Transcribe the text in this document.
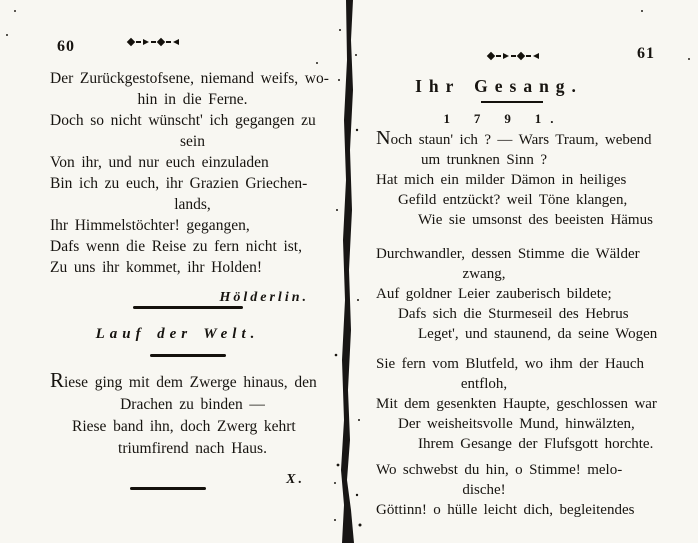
60
Der Zurückgestofsene, niemand weifs, wo-
hin in die Ferne.
Doch so nicht wünscht' ich gegangen zu
sein
Von ihr, und nur euch einzuladen
Bin ich zu euch, ihr Grazien Griechen-
lands,
Ihr Himmelstöchter! gegangen,
Dafs wenn die Reise zu fern nicht ist,
Zu uns ihr kommet, ihr Holden!
Hölderlin.
Lauf der Welt.
Riese ging mit dem Zwerge hinaus, den
Drachen zu binden —
Riese band ihn, doch Zwerg kehrt
triumfirend nach Haus.
X.
61
Ihr Gesang.
1 7 9 1.
Noch staun' ich ? — Wars Traum, webend
um trunknen Sinn ?
Hat mich ein milder Dämon in heiliges
Gefild entzückt? weil Töne klangen,
Wie sie umsonst des beeisten Hämus
Durchwandler, dessen Stimme die Wälder
zwang,
Auf goldner Leier zauberisch bildete;
Dafs sich die Sturmeseil des Hebrus
Leget', und staunend, da seine Wogen
Sie fern vom Blutfeld, wo ihm der Hauch
entfloh,
Mit dem gesenkten Haupte, geschlossen war
Der weisheitsvolle Mund, hinwälzten,
Ihrem Gesange der Flufsgott horchte.
Wo schwebst du hin, o Stimme! melo-
dische!
Göttinn! o hülle leicht dich, begleitendes
